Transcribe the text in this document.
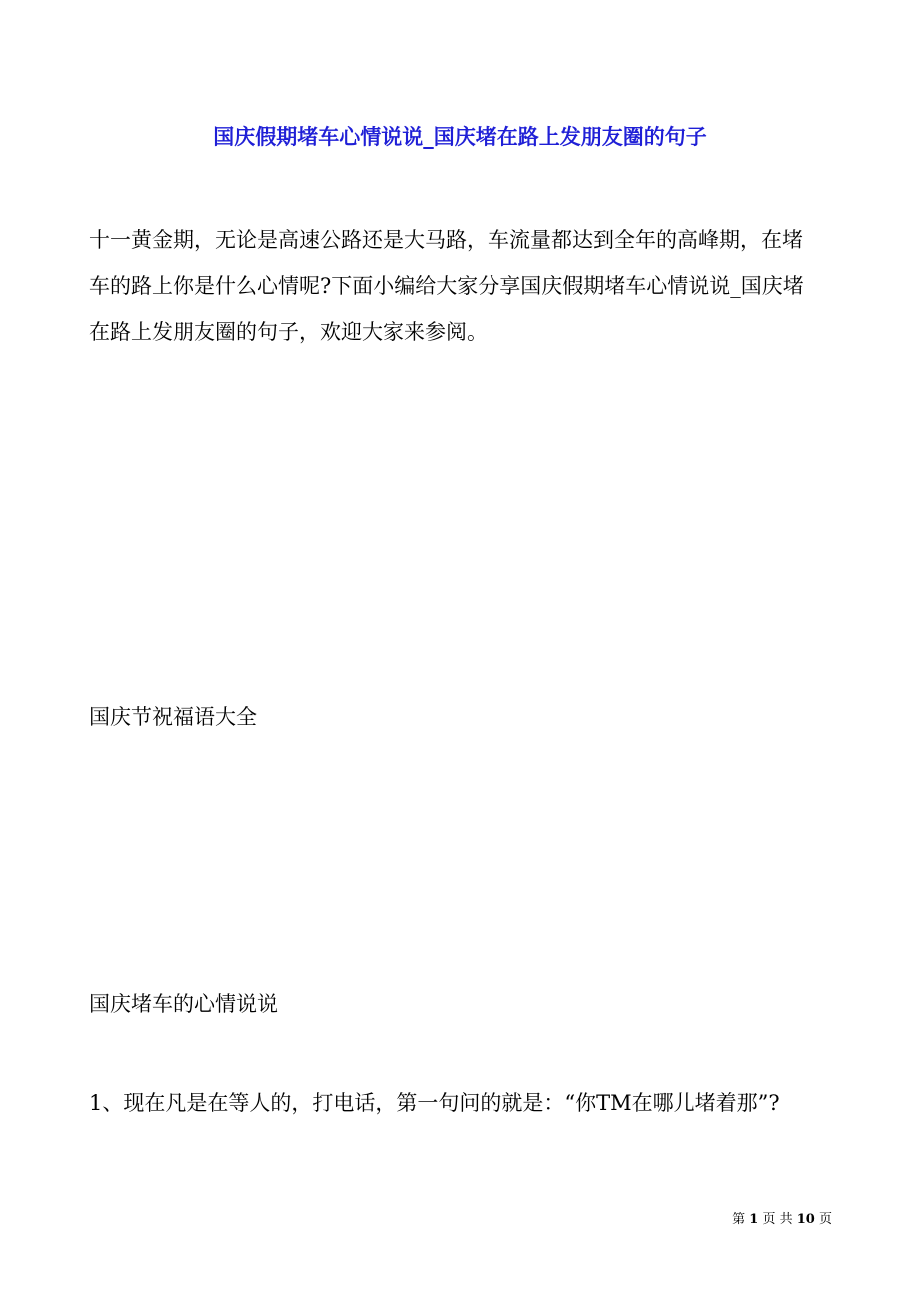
国庆假期堵车心情说说_国庆堵在路上发朋友圈的句子
十一黄金期，无论是高速公路还是大马路，车流量都达到全年的高峰期，在堵
车的路上你是什么心情呢?下面小编给大家分享国庆假期堵车心情说说_国庆堵
在路上发朋友圈的句子，欢迎大家来参阅。
国庆节祝福语大全
国庆堵车的心情说说
1、现在凡是在等人的，打电话，第一句问的就是：“你TM在哪儿堵着那”?
第 1 页 共 10 页
